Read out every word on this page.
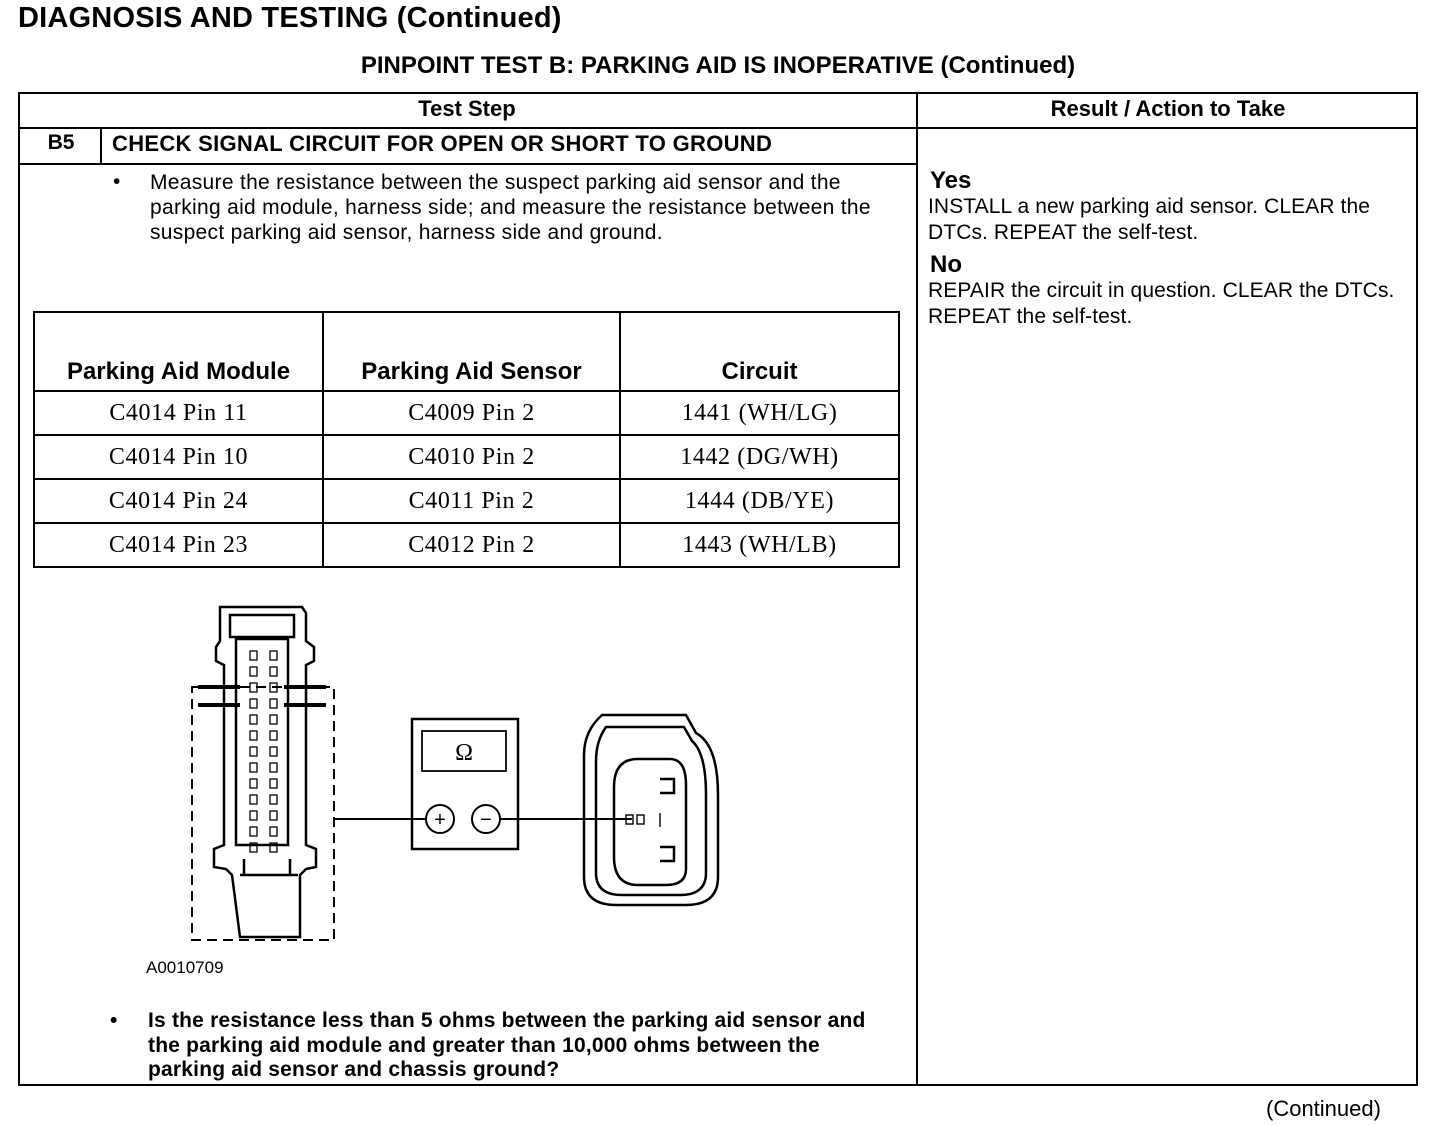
DIAGNOSIS AND TESTING (Continued)
PINPOINT TEST B: PARKING AID IS INOPERATIVE (Continued)
Test Step	Result / Action to Take
B5	CHECK SIGNAL CIRCUIT FOR OPEN OR SHORT TO GROUND
• Measure the resistance between the suspect parking aid sensor and the parking aid module, harness side; and measure the resistance between the suspect parking aid sensor, harness side and ground.
Parking Aid Module	Parking Aid Sensor	Circuit
C4014 Pin 11	C4009 Pin 2	1441 (WH/LG)
C4014 Pin 10	C4010 Pin 2	1442 (DG/WH)
C4014 Pin 24	C4011 Pin 2	1444 (DB/YE)
C4014 Pin 23	C4012 Pin 2	1443 (WH/LB)
Ω
+ −
A0010709
• Is the resistance less than 5 ohms between the parking aid sensor and the parking aid module and greater than 10,000 ohms between the parking aid sensor and chassis ground?
Yes
INSTALL a new parking aid sensor. CLEAR the DTCs. REPEAT the self-test.
No
REPAIR the circuit in question. CLEAR the DTCs. REPEAT the self-test.
(Continued)
